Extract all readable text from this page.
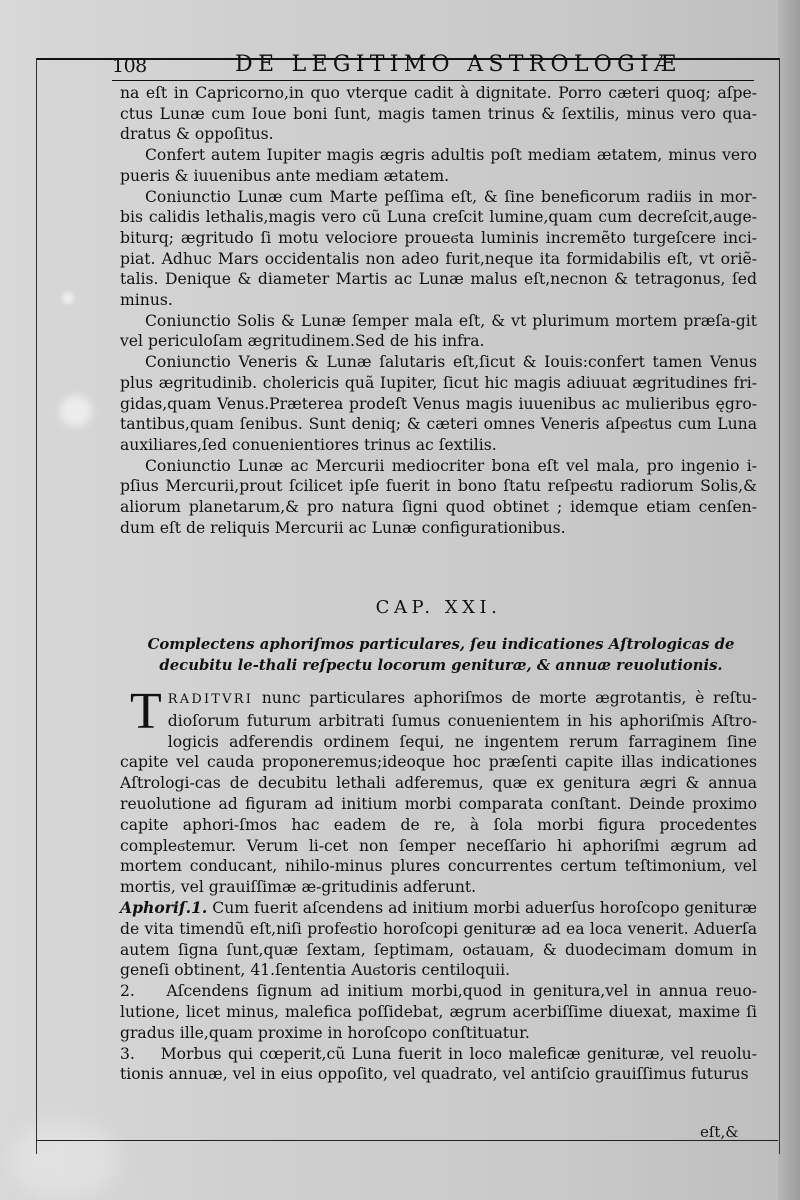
108	DE LEGITIMO ASTROLOGIÆ

na eſt in Capricorno,in quo vterque cadit à dignitate. Porro cæteri quoq; aſpe-ctus Lunæ cum Ioue boni ſunt, magis tamen trinus & ſextilis, minus vero qua-dratus & oppoſitus.

Confert autem Iupiter magis ægris adultis poſt mediam ætatem, minus vero pueris & iuuenibus ante mediam ætatem.

Coniunctio Lunæ cum Marte peſſima eſt, & ſine beneficorum radiis in mor-bis calidis lethalis,magis vero cũ Luna creſcit lumine,quam cum decreſcit,auge-biturq; ægritudo ſi motu velociore proueϭta luminis incremẽto turgeſcere inci-piat. Adhuc Mars occidentalis non adeo furit,neque ita formidabilis eſt, vt oriẽ-talis. Denique & diameter Martis ac Lunæ malus eſt,necnon & tetragonus, ſed minus.

Coniunctio Solis & Lunæ ſemper mala eſt, & vt plurimum mortem præſa-git vel periculoſam ægritudinem.Sed de his infra.

Coniunctio Veneris & Lunæ ſalutaris eſt,ſicut & Iouis:confert tamen Venus plus ægritudinib. cholericis quã Iupiter, ſicut hic magis adiuuat ægritudines fri-gidas,quam Venus.Præterea prodeſt Venus magis iuuenibus ac mulieribus ęgro-tantibus,quam ſenibus. Sunt deniq; & cæteri omnes Veneris aſpeϭtus cum Luna auxiliares,ſed conuenientiores trinus ac ſextilis.

Coniunctio Lunæ ac Mercurii mediocriter bona eſt vel mala, pro ingenio i-pſius Mercurii,prout ſcilicet ipſe fuerit in bono ſtatu reſpeϭtu radiorum Solis,& aliorum planetarum,& pro natura ſigni quod obtinet ; idemque etiam cenſen-dum eſt de reliquis Mercurii ac Lunæ configurationibus.

CAP. XXI.
Complectens aphoriſmos particulares, ſeu indicationes Aſtrologicas de decubitu le-thali reſpectu locorum genituræ, & annuæ reuolutionis.

TRADITVRI nunc particulares aphoriſmos de morte ægrotantis, è reſtu-dioſorum futurum arbitrati ſumus conuenientem in his aphoriſmis Aſtro-logicis adferendis ordinem ſequi, ne ingentem rerum farraginem ſine capite vel cauda proponeremus;ideoque hoc præſenti capite illas indicationes Aſtrologi-cas de decubitu lethali adferemus, quæ ex genitura ægri & annua reuolutione ad figuram ad initium morbi comparata conſtant. Deinde proximo capite aphori-ſmos hac eadem de re, à ſola morbi figura procedentes compleϭtemur. Verum li-cet non ſemper neceſſario hi aphoriſmi ægrum ad mortem conducant, nihilo-minus plures concurrentes certum teſtimonium, vel mortis, vel grauiſſimæ æ-gritudinis adferunt.

Aphoriſ.1. Cum fuerit aſcendens ad initium morbi aduerſus horoſcopo genituræ de vita timendũ eſt,niſi profeϭtio horoſcopi genituræ ad ea loca venerit. Aduerſa autem ſigna ſunt,quæ ſextam, ſeptimam, oϭtauam, & duodecimam domum in geneſi obtinent, 41.ſententia Auϭtoris centiloquii.

2. Aſcendens ſignum ad initium morbi,quod in genitura,vel in annua reuo-lutione, licet minus, malefica poſſidebat, ægrum acerbiſſime diuexat, maxime ſi gradus ille,quam proxime in horoſcopo conſtituatur.

3. Morbus qui cœperit,cũ Luna fuerit in loco maleficæ genituræ, vel reuolu-tionis annuæ, vel in eius oppoſito, vel quadrato, vel antiſcio grauiſſimus futurus

eſt,&
